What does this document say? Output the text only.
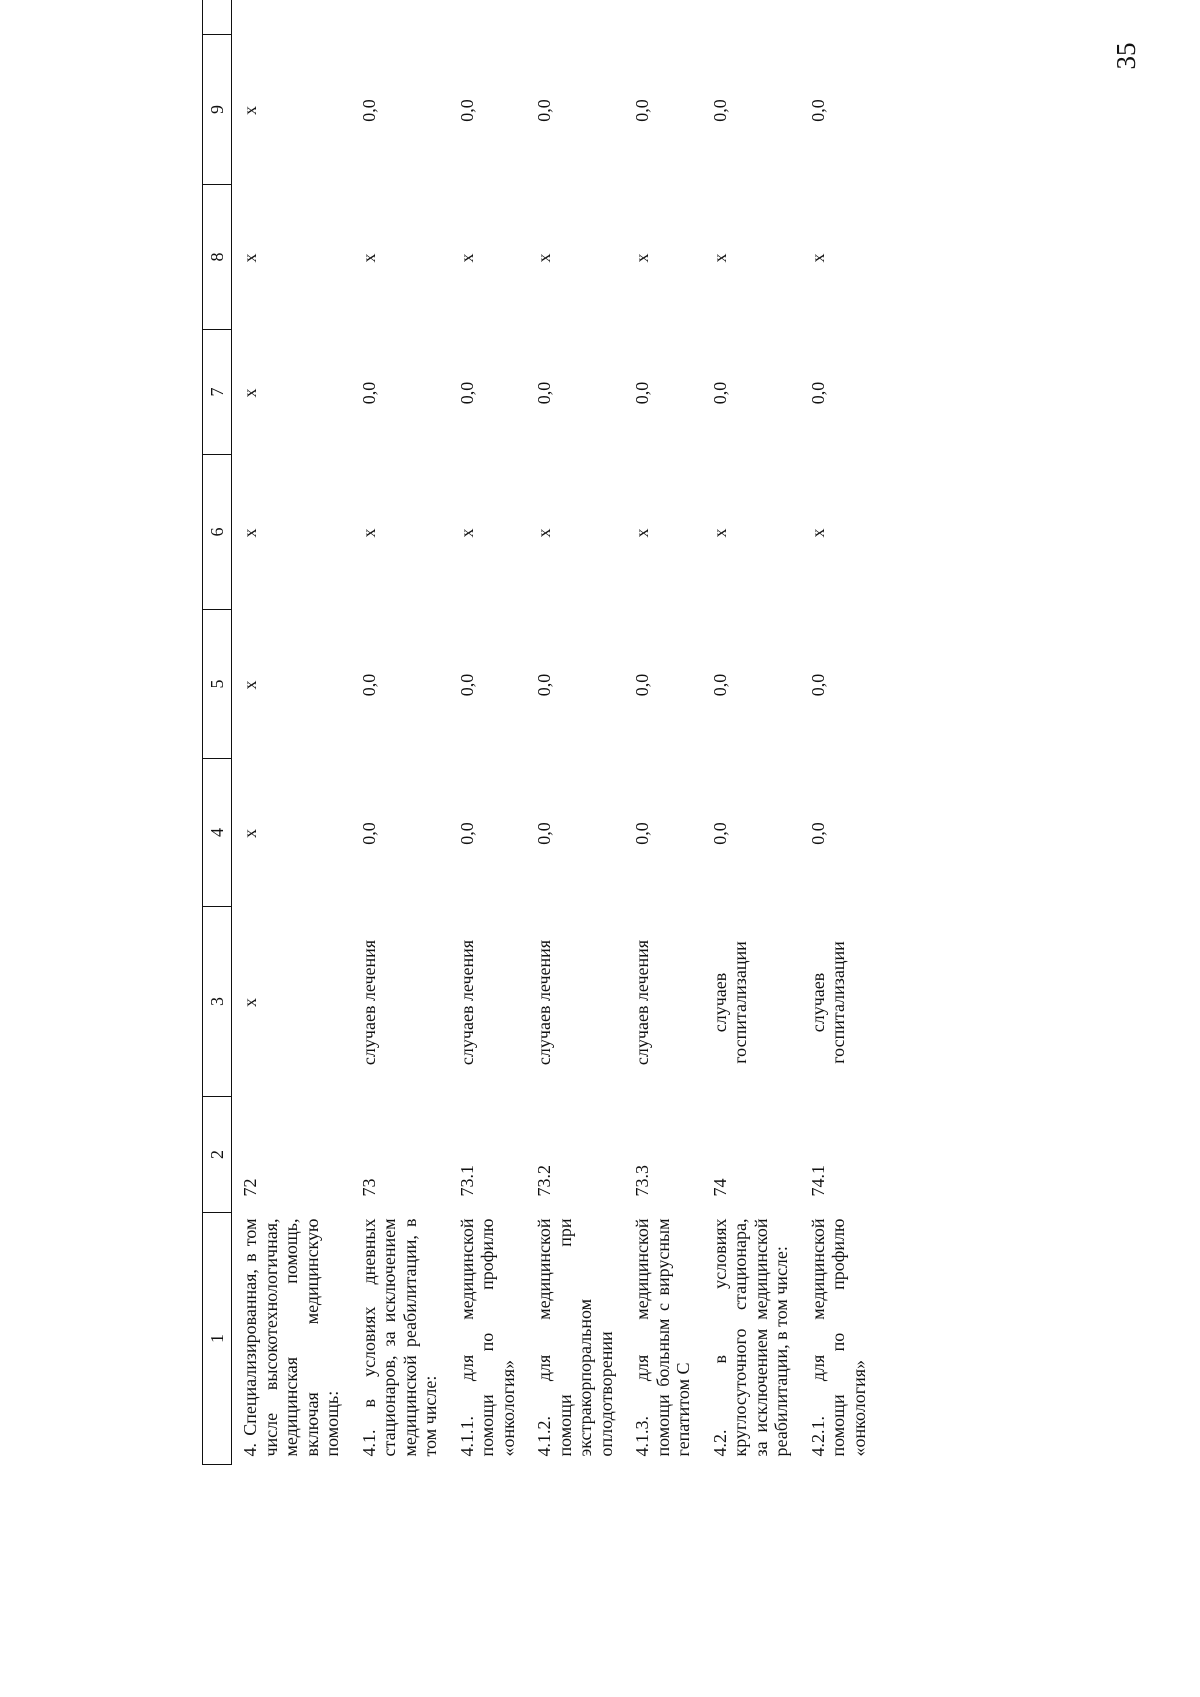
35
1	2	3	4	5	6	7	8	9	
4. Специализированная, в том числе высокотехнологичная, медицинская помощь, включая медицинскую помощь:	72	х	х	х	х	х	х	х	
4.1. в условиях дневных стационаров, за исключением медицинской реабилитации, в том числе:	73	случаев лечения	0,0	0,0	х	0,0	х	0,0	
4.1.1. для медицинской помощи по профилю «онкология»	73.1	случаев лечения	0,0	0,0	х	0,0	х	0,0	
4.1.2. для медицинской помощи при экстракорпоральном оплодотворении	73.2	случаев лечения	0,0	0,0	х	0,0	х	0,0	
4.1.3. для медицинской помощи больным с вирусным гепатитом С	73.3	случаев лечения	0,0	0,0	х	0,0	х	0,0	
4.2. в условиях круглосуточного стационара, за исключением медицинской реабилитации, в том числе:	74	случаев госпитализации	0,0	0,0	х	0,0	х	0,0	
4.2.1. для медицинской помощи по профилю «онкология»	74.1	случаев госпитализации	0,0	0,0	х	0,0	х	0,0	
